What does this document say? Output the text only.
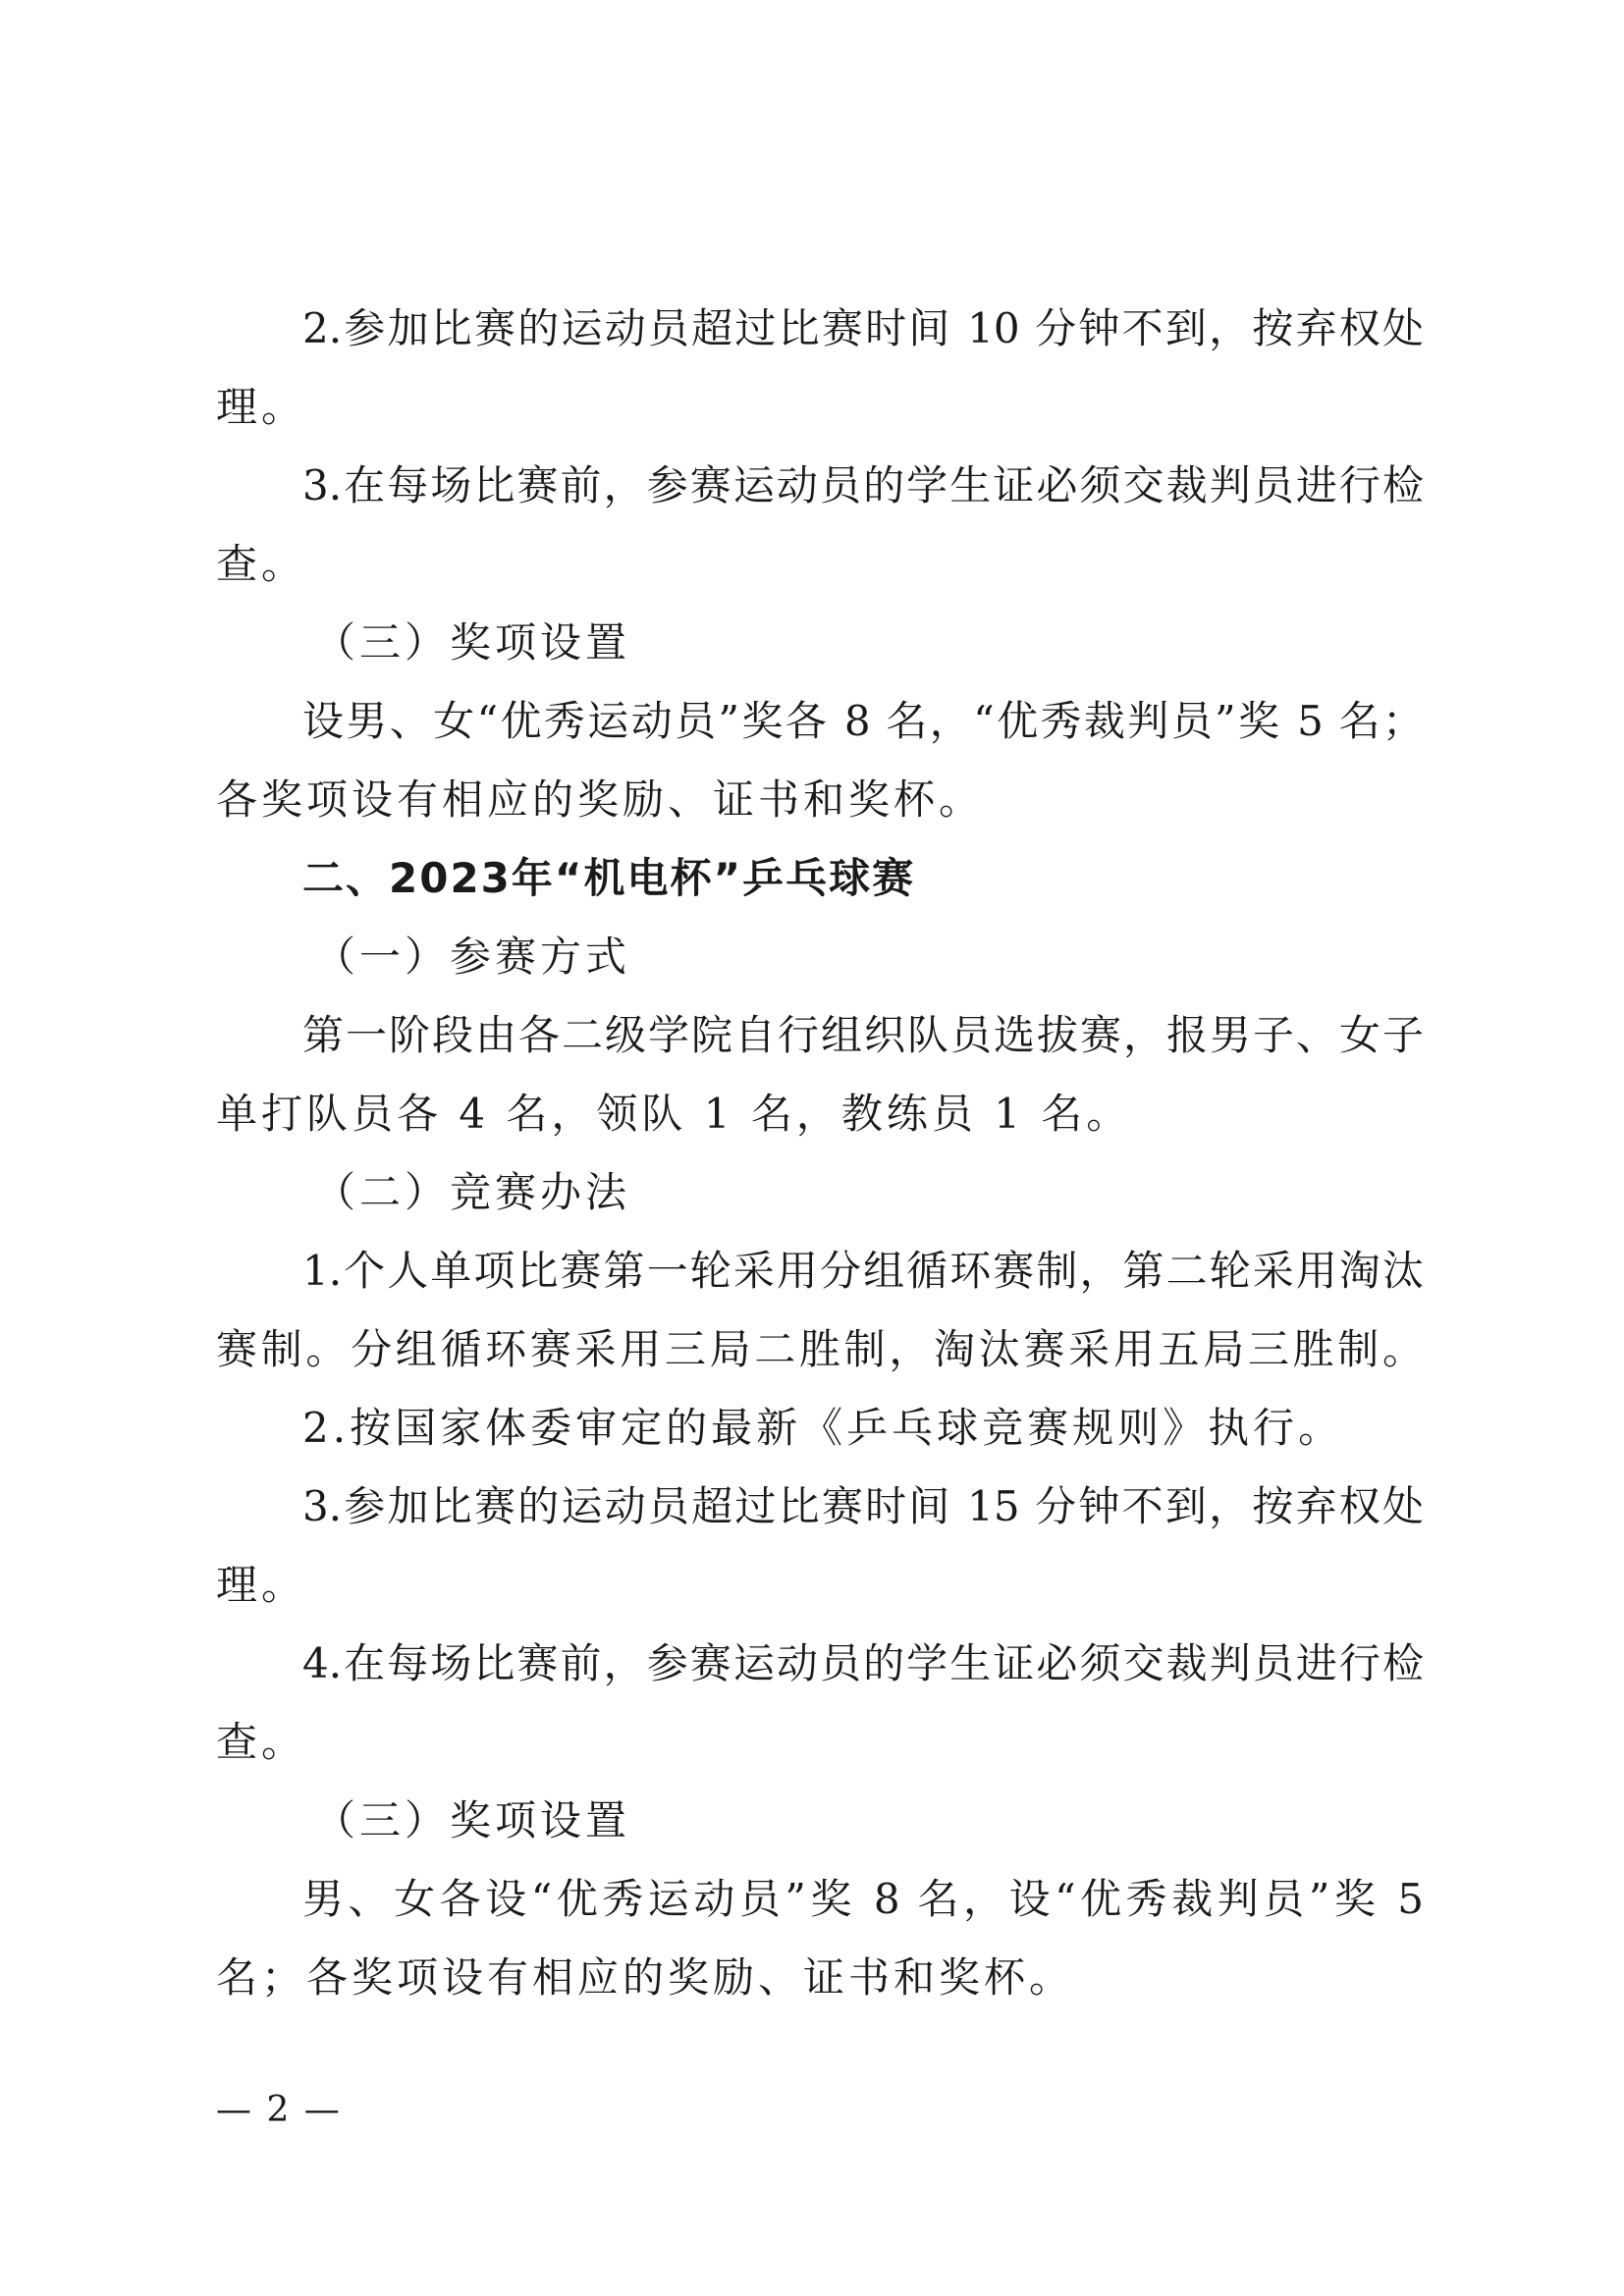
2.参加比赛的运动员超过比赛时间 10 分钟不到，按弃权处
理。
3.在每场比赛前，参赛运动员的学生证必须交裁判员进行检
查。
（三）奖项设置
设男、女“优秀运动员”奖各 8 名，“优秀裁判员”奖 5 名；
各奖项设有相应的奖励、证书和奖杯。
二、2023年“机电杯”乒乓球赛
（一）参赛方式
第一阶段由各二级学院自行组织队员选拔赛，报男子、女子
单打队员各 4 名，领队 1 名，教练员 1 名。
（二）竞赛办法
1.个人单项比赛第一轮采用分组循环赛制，第二轮采用淘汰
赛制。分组循环赛采用三局二胜制，淘汰赛采用五局三胜制。
2.按国家体委审定的最新《乒乓球竞赛规则》执行。
3.参加比赛的运动员超过比赛时间 15 分钟不到，按弃权处
理。
4.在每场比赛前，参赛运动员的学生证必须交裁判员进行检
查。
（三）奖项设置
男、女各设“优秀运动员”奖 8 名，设“优秀裁判员”奖 5
名；各奖项设有相应的奖励、证书和奖杯。
— 2 —
